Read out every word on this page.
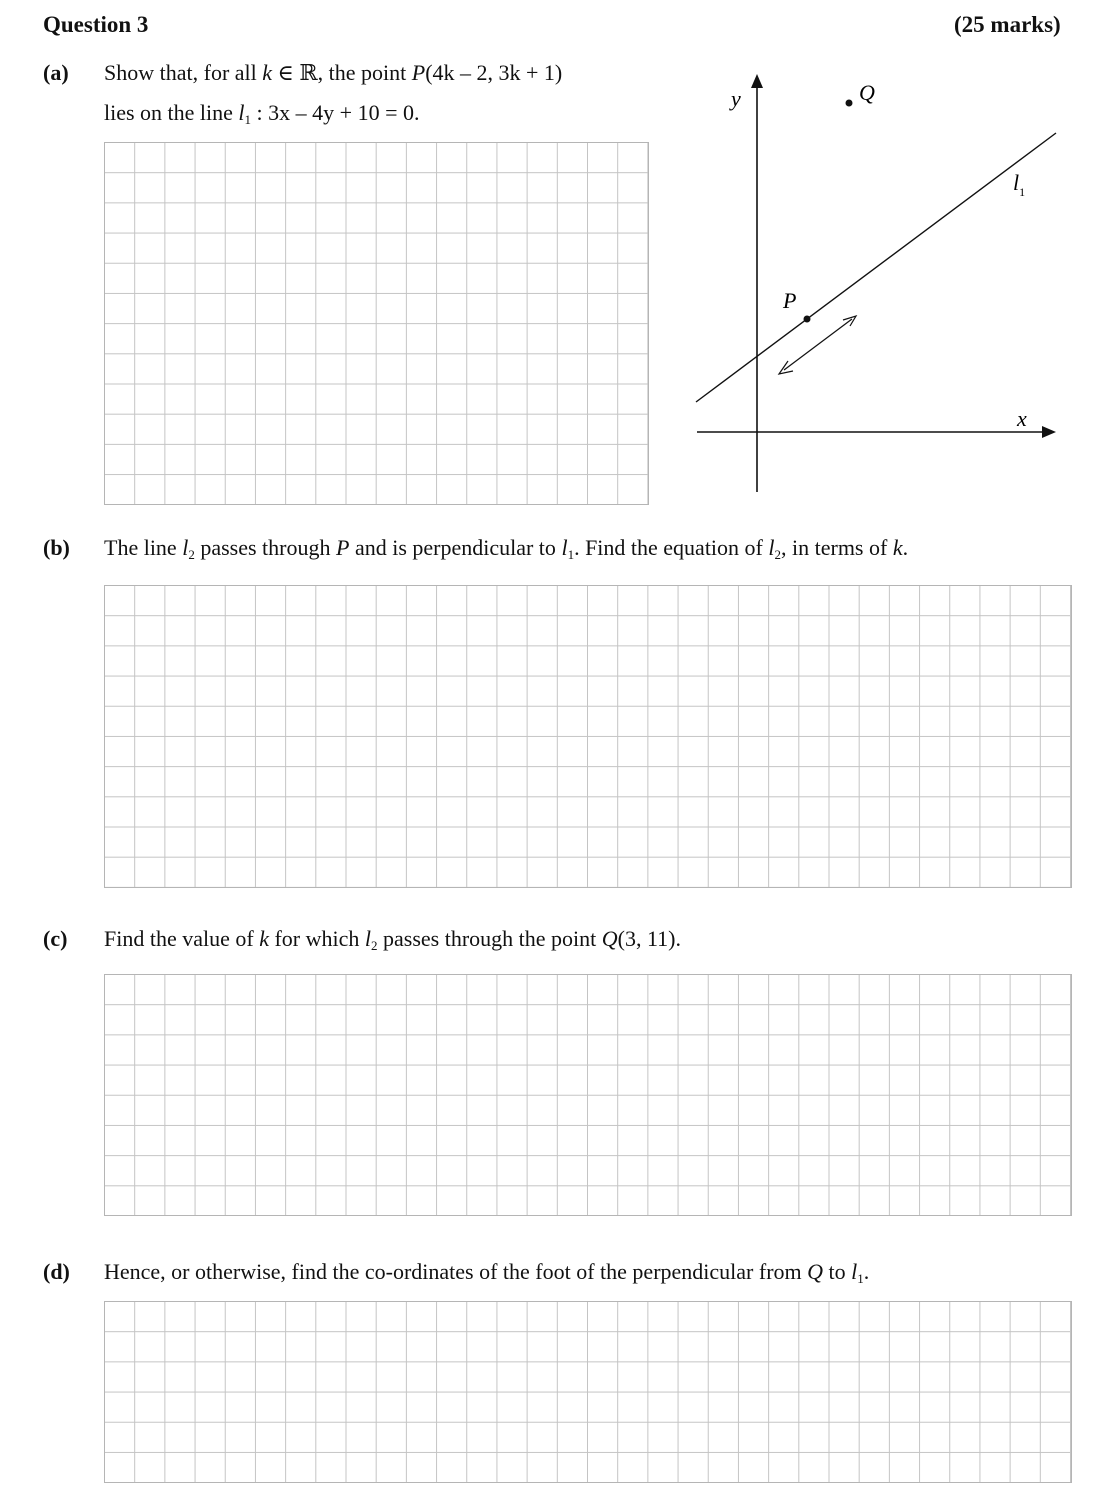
Question 3	(25 marks)
(a) Show that, for all k ∈ ℝ, the point P(4k – 2, 3k + 1)
lies on the line $l_1$ : 3x – 4y + 10 = 0.
y
x
Q
P
$l_1$
(b) The line $l_2$ passes through P and is perpendicular to $l_1$. Find the equation of $l_2$, in terms of k.
(c) Find the value of k for which $l_2$ passes through the point Q(3, 11).
(d) Hence, or otherwise, find the co-ordinates of the foot of the perpendicular from Q to $l_1$.
